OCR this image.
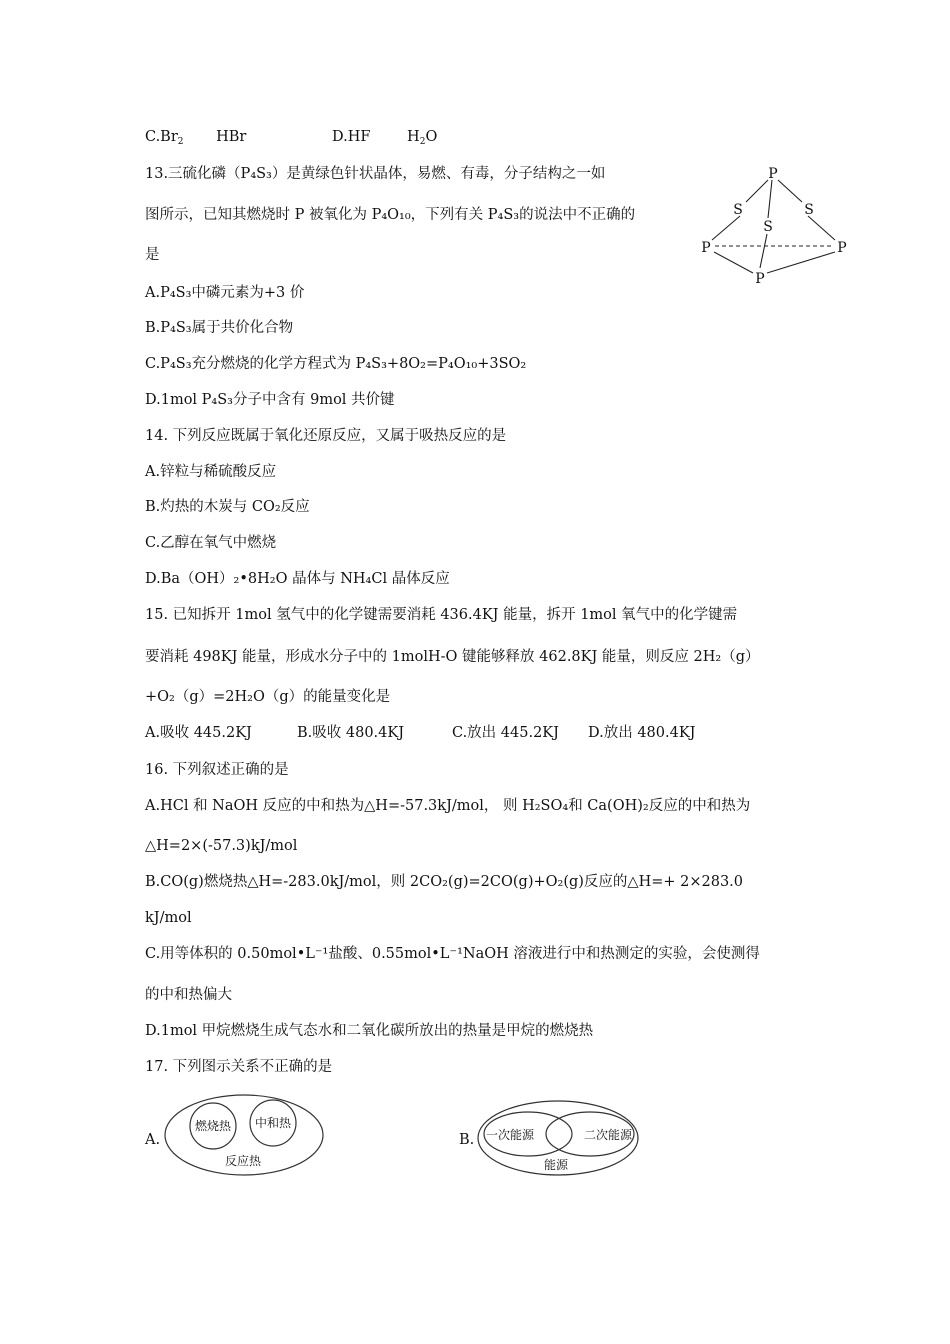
$C.Br_2$ HBr	D.HF	$H_2O$
13.三硫化磷（P₄S₃）是黄绿色针状晶体，易燃、有毒，分子结构之一如
图所示，已知其燃烧时 P 被氧化为 P₄O₁₀，下列有关 P₄S₃的说法中不正确的
是
A.P₄S₃中磷元素为+3 价
B.P₄S₃属于共价化合物
C.P₄S₃充分燃烧的化学方程式为 P₄S₃+8O₂=P₄O₁₀+3SO₂
D.1mol P₄S₃分子中含有 9mol 共价键
P
S	S
S
P	P
P
14. 下列反应既属于氧化还原反应，又属于吸热反应的是
A.锌粒与稀硫酸反应
B.灼热的木炭与 CO₂反应
C.乙醇在氧气中燃烧
D.Ba（OH）₂•8H₂O 晶体与 NH₄Cl 晶体反应
15. 已知拆开 1mol 氢气中的化学键需要消耗 436.4KJ 能量，拆开 1mol 氧气中的化学键需
要消耗 498KJ 能量，形成水分子中的 1molH-O 键能够释放 462.8KJ 能量，则反应 2H₂（g）
+O₂（g）=2H₂O（g）的能量变化是
A.吸收 445.2KJ	B.吸收 480.4KJ	C.放出 445.2KJ D.放出 480.4KJ
16. 下列叙述正确的是
A.HCl 和 NaOH 反应的中和热为△H=-57.3kJ/mol， 则 H₂SO₄和 Ca(OH)₂反应的中和热为
△H=2×(-57.3)kJ/mol
B.CO(g)燃烧热△H=-283.0kJ/mol，则 2CO₂(g)=2CO(g)+O₂(g)反应的△H=+ 2×283.0
kJ/mol
C.用等体积的 0.50mol•L⁻¹盐酸、0.55mol•L⁻¹NaOH 溶液进行中和热测定的实验，会使测得
的中和热偏大
D.1mol 甲烷燃烧生成气态水和二氧化碳所放出的热量是甲烷的燃烧热
17. 下列图示关系不正确的是
A.
燃烧热 中和热
反应热
B. 一次能源	二次能源
能源
